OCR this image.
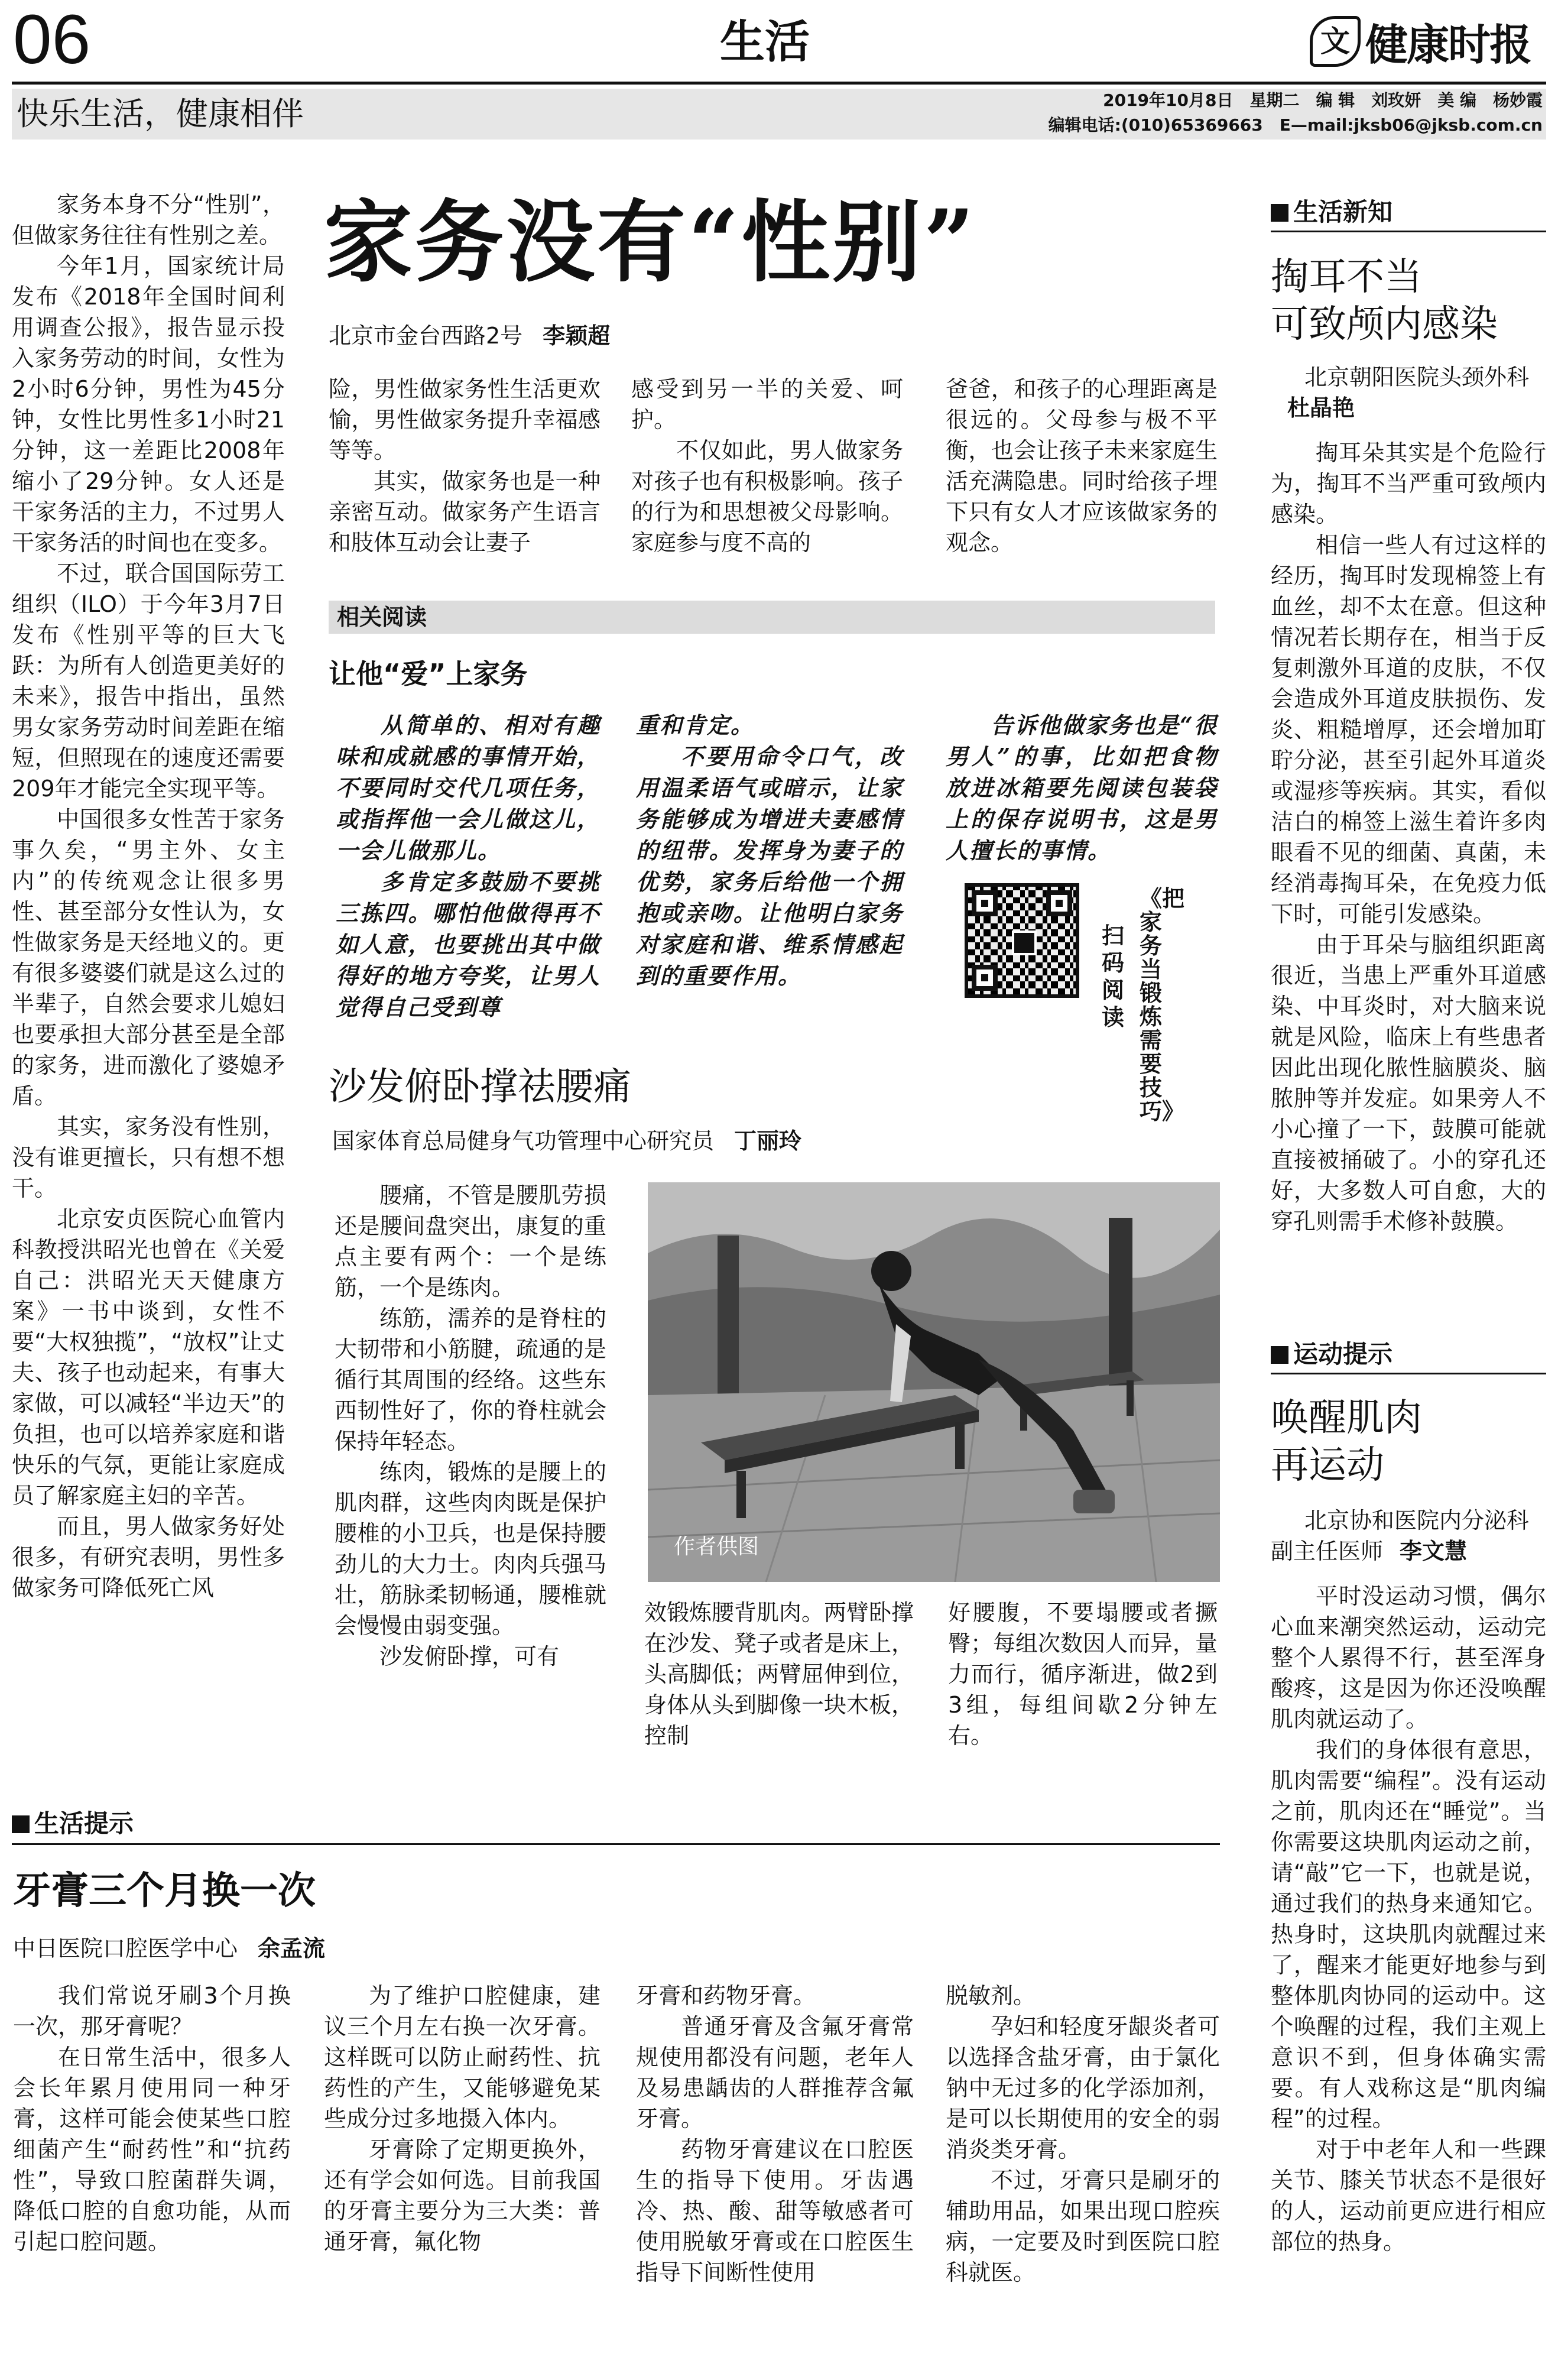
06	生活	文 健康时报
快乐生活，健康相伴	2019年10月8日　星期二　编 辑　刘玫妍　美 编　杨妙霞
编辑电话:(010)65369663　E—mail:jksb06@jksb.com.cn
家务没有“性别”
北京市金台西路2号 李颖超

家务本身不分“性别”，但做家务往往有性别之差。

今年1月，国家统计局发布《2018年全国时间利用调查公报》，报告显示投入家务劳动的时间，女性为2小时6分钟，男性为45分钟，女性比男性多1小时21分钟，这一差距比2008年缩小了29分钟。女人还是干家务活的主力，不过男人干家务活的时间也在变多。

不过，联合国国际劳工组织（ILO）于今年3月7日发布《性别平等的巨大飞跃：为所有人创造更美好的未来》，报告中指出，虽然男女家务劳动时间差距在缩短，但照现在的速度还需要209年才能完全实现平等。

中国很多女性苦于家务事久矣，“男主外、女主内”的传统观念让很多男性、甚至部分女性认为，女性做家务是天经地义的。更有很多婆婆们就是这么过的半辈子，自然会要求儿媳妇也要承担大部分甚至是全部的家务，进而激化了婆媳矛盾。

其实，家务没有性别，没有谁更擅长，只有想不想干。

北京安贞医院心血管内科教授洪昭光也曾在《关爱自己：洪昭光天天健康方案》一书中谈到，女性不要“大权独揽”，“放权”让丈夫、孩子也动起来，有事大家做，可以减轻“半边天”的负担，也可以培养家庭和谐快乐的气氛，更能让家庭成员了解家庭主妇的辛苦。

而且，男人做家务好处很多，有研究表明，男性多做家务可降低死亡风

险，男性做家务性生活更欢愉，男性做家务提升幸福感等等。

其实，做家务也是一种亲密互动。做家务产生语言和肢体互动会让妻子

感受到另一半的关爱、呵护。

不仅如此，男人做家务对孩子也有积极影响。孩子的行为和思想被父母影响。家庭参与度不高的

爸爸，和孩子的心理距离是很远的。父母参与极不平衡，也会让孩子未来家庭生活充满隐患。同时给孩子埋下只有女人才应该做家务的观念。

相关阅读
让他“爱”上家务

从简单的、相对有趣味和成就感的事情开始，不要同时交代几项任务，或指挥他一会儿做这儿，一会儿做那儿。

多肯定多鼓励不要挑三拣四。哪怕他做得再不如人意，也要挑出其中做得好的地方夸奖，让男人觉得自己受到尊

重和肯定。

不要用命令口气，改用温柔语气或暗示，让家务能够成为增进夫妻感情的纽带。发挥身为妻子的优势，家务后给他一个拥抱或亲吻。让他明白家务对家庭和谐、维系情感起到的重要作用。

告诉他做家务也是“很男人”的事，比如把食物放进冰箱要先阅读包装袋上的保存说明书，这是男人擅长的事情。

扫码阅读
《把家务当锻炼需要技巧》
沙发俯卧撑祛腰痛
国家体育总局健身气功管理中心研究员 丁丽玲

腰痛，不管是腰肌劳损还是腰间盘突出，康复的重点主要有两个：一个是练筋，一个是练肉。

练筋，濡养的是脊柱的大韧带和小筋腱，疏通的是循行其周围的经络。这些东西韧性好了，你的脊柱就会保持年轻态。

练肉，锻炼的是腰上的肌肉群，这些肉肉既是保护腰椎的小卫兵，也是保持腰劲儿的大力士。肉肉兵强马壮，筋脉柔韧畅通，腰椎就会慢慢由弱变强。

沙发俯卧撑，可有

作者供图

效锻炼腰背肌肉。两臂卧撑在沙发、凳子或者是床上，头高脚低；两臂屈伸到位，身体从头到脚像一块木板，控制

好腰腹，不要塌腰或者撅臀；每组次数因人而异，量力而行，循序渐进，做2到3组，每组间歇2分钟左右。

生活提示
牙膏三个月换一次
中日医院口腔医学中心 余孟流

我们常说牙刷3个月换一次，那牙膏呢？

在日常生活中，很多人会长年累月使用同一种牙膏，这样可能会使某些口腔细菌产生“耐药性”和“抗药性”，导致口腔菌群失调，降低口腔的自愈功能，从而引起口腔问题。

为了维护口腔健康，建议三个月左右换一次牙膏。这样既可以防止耐药性、抗药性的产生，又能够避免某些成分过多地摄入体内。

牙膏除了定期更换外，还有学会如何选。目前我国的牙膏主要分为三大类：普通牙膏，氟化物

牙膏和药物牙膏。

普通牙膏及含氟牙膏常规使用都没有问题，老年人及易患龋齿的人群推荐含氟牙膏。

药物牙膏建议在口腔医生的指导下使用。牙齿遇冷、热、酸、甜等敏感者可使用脱敏牙膏或在口腔医生指导下间断性使用

脱敏剂。

孕妇和轻度牙龈炎者可以选择含盐牙膏，由于氯化钠中无过多的化学添加剂，是可以长期使用的安全的弱消炎类牙膏。

不过，牙膏只是刷牙的辅助用品，如果出现口腔疾病，一定要及时到医院口腔科就医。

生活新知
掏耳不当
可致颅内感染
北京朝阳医院头颈外科杜晶艳

掏耳朵其实是个危险行为，掏耳不当严重可致颅内感染。

相信一些人有过这样的经历，掏耳时发现棉签上有血丝，却不太在意。但这种情况若长期存在，相当于反复刺激外耳道的皮肤，不仅会造成外耳道皮肤损伤、发炎、粗糙增厚，还会增加耵聍分泌，甚至引起外耳道炎或湿疹等疾病。其实，看似洁白的棉签上滋生着许多肉眼看不见的细菌、真菌，未经消毒掏耳朵，在免疫力低下时，可能引发感染。

由于耳朵与脑组织距离很近，当患上严重外耳道感染、中耳炎时，对大脑来说就是风险，临床上有些患者因此出现化脓性脑膜炎、脑脓肿等并发症。如果旁人不小心撞了一下，鼓膜可能就直接被捅破了。小的穿孔还好，大多数人可自愈，大的穿孔则需手术修补鼓膜。

运动提示
唤醒肌肉
再运动
北京协和医院内分泌科副主任医师 李文慧

平时没运动习惯，偶尔心血来潮突然运动，运动完整个人累得不行，甚至浑身酸疼，这是因为你还没唤醒肌肉就运动了。

我们的身体很有意思，肌肉需要“编程”。没有运动之前，肌肉还在“睡觉”。当你需要这块肌肉运动之前，请“敲”它一下，也就是说，通过我们的热身来通知它。热身时，这块肌肉就醒过来了，醒来才能更好地参与到整体肌肉协同的运动中。这个唤醒的过程，我们主观上意识不到，但身体确实需要。有人戏称这是“肌肉编程”的过程。

对于中老年人和一些踝关节、膝关节状态不是很好的人，运动前更应进行相应部位的热身。
